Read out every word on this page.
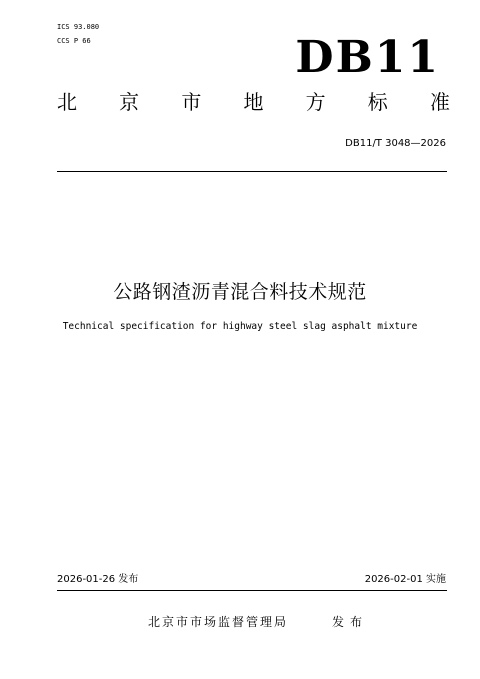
ICS 93.080
CCS P 66	DB11
北 京 市 地 方 标 准
DB11/T 3048—2026
公路钢渣沥青混合料技术规范
Technical specification for highway steel slag asphalt mixture
2026-01-26 发布	2026-02-01 实施
北京市市场监督管理局	发布
